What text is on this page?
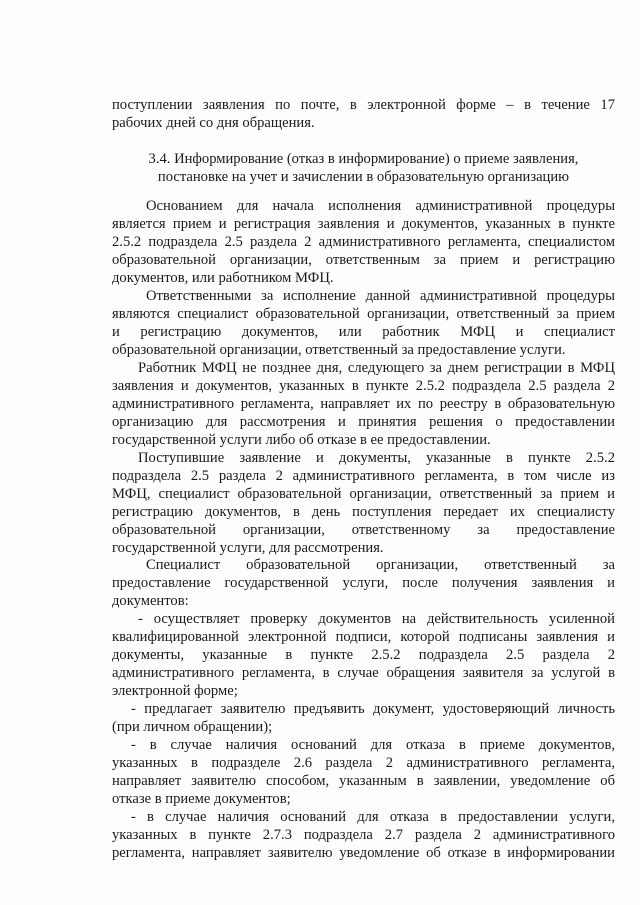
поступлении заявления по почте, в электронной форме – в течение 17
рабочих дней со дня обращения.
3.4. Информирование (отказ в информирование) о приеме заявления,
постановке на учет и зачислении в образовательную организацию
Основанием для начала исполнения административной процедуры
является прием и регистрация заявления и документов, указанных в пункте
2.5.2 подраздела 2.5 раздела 2 административного регламента, специалистом
образовательной организации, ответственным за прием и регистрацию
документов, или работником МФЦ.
Ответственными за исполнение данной административной процедуры
являются специалист образовательной организации, ответственный за прием
и регистрацию документов, или работник МФЦ и специалист
образовательной организации, ответственный за предоставление услуги.
Работник МФЦ не позднее дня, следующего за днем регистрации в МФЦ
заявления и документов, указанных в пункте 2.5.2 подраздела 2.5 раздела 2
административного регламента, направляет их по реестру в образовательную
организацию для рассмотрения и принятия решения о предоставлении
государственной услуги либо об отказе в ее предоставлении.
Поступившие заявление и документы, указанные в пункте 2.5.2
подраздела 2.5 раздела 2 административного регламента, в том числе из
МФЦ, специалист образовательной организации, ответственный за прием и
регистрацию документов, в день поступления передает их специалисту
образовательной организации, ответственному за предоставление
государственной услуги, для рассмотрения.
Специалист образовательной организации, ответственный за
предоставление государственной услуги, после получения заявления и
документов:
- осуществляет проверку документов на действительность усиленной
квалифицированной электронной подписи, которой подписаны заявления и
документы, указанные в пункте 2.5.2 подраздела 2.5 раздела 2
административного регламента, в случае обращения заявителя за услугой в
электронной форме;
- предлагает заявителю предъявить документ, удостоверяющий личность
(при личном обращении);
- в случае наличия оснований для отказа в приеме документов,
указанных в подразделе 2.6 раздела 2 административного регламента,
направляет заявителю способом, указанным в заявлении, уведомление об
отказе в приеме документов;
- в случае наличия оснований для отказа в предоставлении услуги,
указанных в пункте 2.7.3 подраздела 2.7 раздела 2 административного
регламента, направляет заявителю уведомление об отказе в информировании
